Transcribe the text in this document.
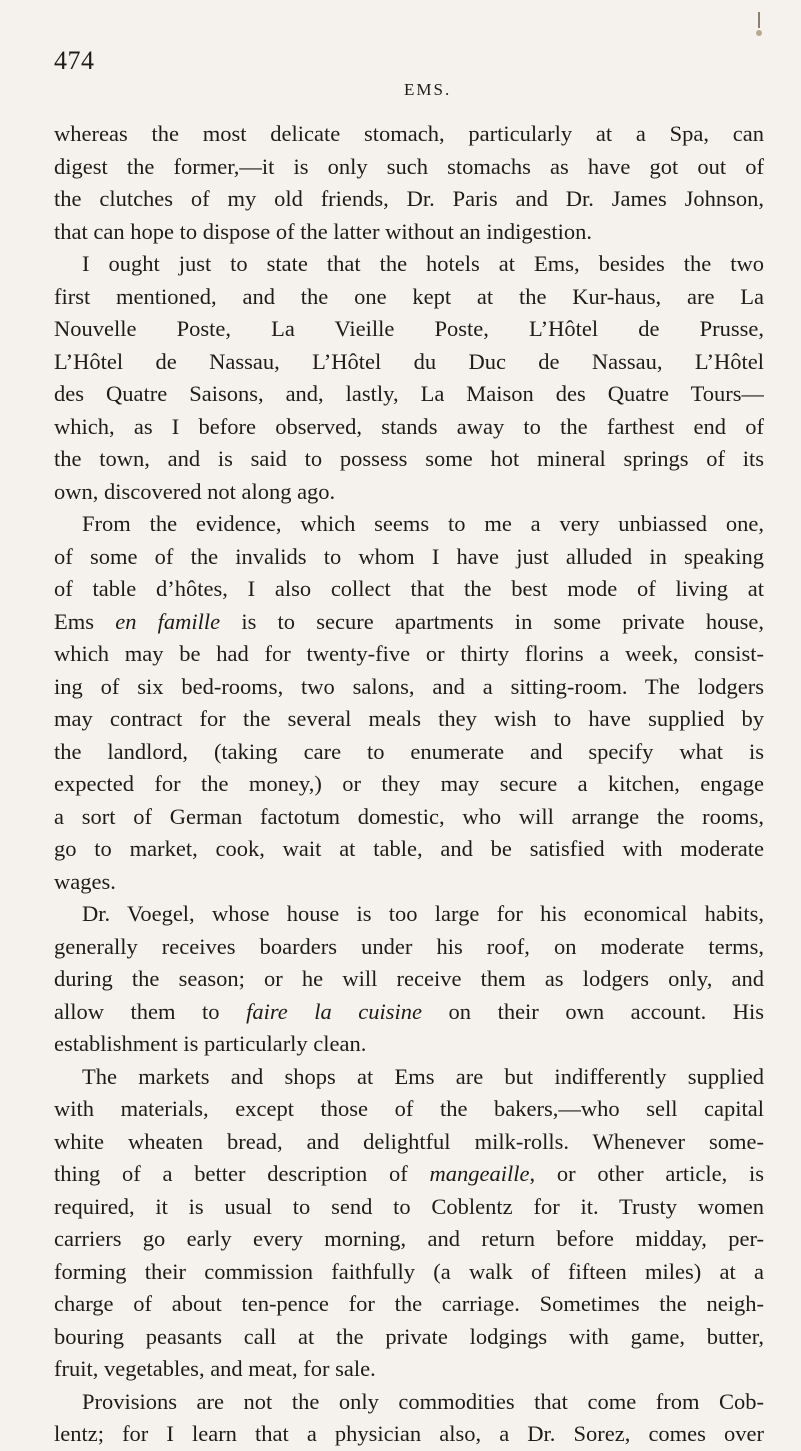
474
EMS.
whereas the most delicate stomach, particularly at a Spa, can
digest the former,—it is only such stomachs as have got out of
the clutches of my old friends, Dr. Paris and Dr. James Johnson,
that can hope to dispose of the latter without an indigestion.
I ought just to state that the hotels at Ems, besides the two
first mentioned, and the one kept at the Kur-haus, are La
Nouvelle Poste, La Vieille Poste, L’Hôtel de Prusse,
L’Hôtel de Nassau, L’Hôtel du Duc de Nassau, L’Hôtel
des Quatre Saisons, and, lastly, La Maison des Quatre Tours—
which, as I before observed, stands away to the farthest end of
the town, and is said to possess some hot mineral springs of its
own, discovered not along ago.
From the evidence, which seems to me a very unbiassed one,
of some of the invalids to whom I have just alluded in speaking
of table d’hôtes, I also collect that the best mode of living at
Ems en famille is to secure apartments in some private house,
which may be had for twenty-five or thirty florins a week, consist-
ing of six bed-rooms, two salons, and a sitting-room. The lodgers
may contract for the several meals they wish to have supplied by
the landlord, (taking care to enumerate and specify what is
expected for the money,) or they may secure a kitchen, engage
a sort of German factotum domestic, who will arrange the rooms,
go to market, cook, wait at table, and be satisfied with moderate
wages.
Dr. Voegel, whose house is too large for his economical habits,
generally receives boarders under his roof, on moderate terms,
during the season; or he will receive them as lodgers only, and
allow them to faire la cuisine on their own account. His
establishment is particularly clean.
The markets and shops at Ems are but indifferently supplied
with materials, except those of the bakers,—who sell capital
white wheaten bread, and delightful milk-rolls. Whenever some-
thing of a better description of mangeaille, or other article, is
required, it is usual to send to Coblentz for it. Trusty women
carriers go early every morning, and return before midday, per-
forming their commission faithfully (a walk of fifteen miles) at a
charge of about ten-pence for the carriage. Sometimes the neigh-
bouring peasants call at the private lodgings with game, butter,
fruit, vegetables, and meat, for sale.
Provisions are not the only commodities that come from Cob-
lentz; for I learn that a physician also, a Dr. Sorez, comes over
